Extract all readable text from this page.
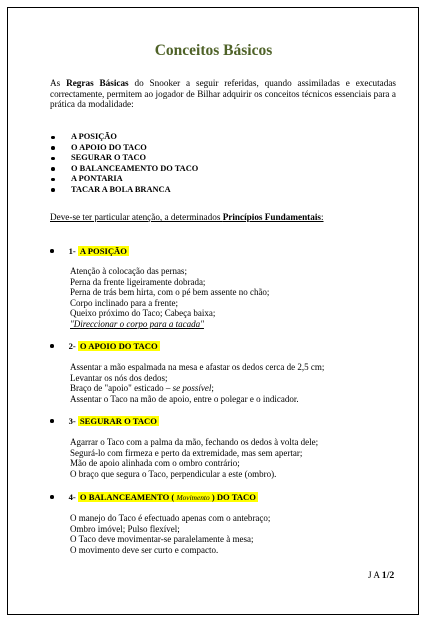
Conceitos Básicos
As Regras Básicas do Snooker a seguir referidas, quando assimiladas e executadas correctamente, permitem ao jogador de Bilhar adquirir os conceitos técnicos essenciais para a prática da modalidade:
A POSIÇÃO
O APOIO DO TACO
SEGURAR O TACO
O BALANCEAMENTO DO TACO
A PONTARIA
TACAR A BOLA BRANCA
Deve-se ter particular atenção, a determinados Princípios Fundamentais:
1- A POSIÇÃO
Atenção à colocação das pernas;
Perna da frente ligeiramente dobrada;
Perna de trás bem hirta, com o pé bem assente no chão;
Corpo inclinado para a frente;
Queixo próximo do Taco; Cabeça baixa;
"Direccionar o corpo para a tacada"
2- O APOIO DO TACO
Assentar a mão espalmada na mesa e afastar os dedos cerca de 2,5 cm;
Levantar os nós dos dedos;
Braço de "apoio" esticado – se possível;
Assentar o Taco na mão de apoio, entre o polegar e o indicador.
3- SEGURAR O TACO
Agarrar o Taco com a palma da mão, fechando os dedos à volta dele;
Segurá-lo com firmeza e perto da extremidade, mas sem apertar;
Mão de apoio alinhada com o ombro contrário;
O braço que segura o Taco, perpendicular a este (ombro).
4- O BALANCEAMENTO ( Movimento ) DO TACO
O manejo do Taco é efectuado apenas com o antebraço;
Ombro imóvel; Pulso flexível;
O Taco deve movimentar-se paralelamente à mesa;
O movimento deve ser curto e compacto.
J A 1/2
